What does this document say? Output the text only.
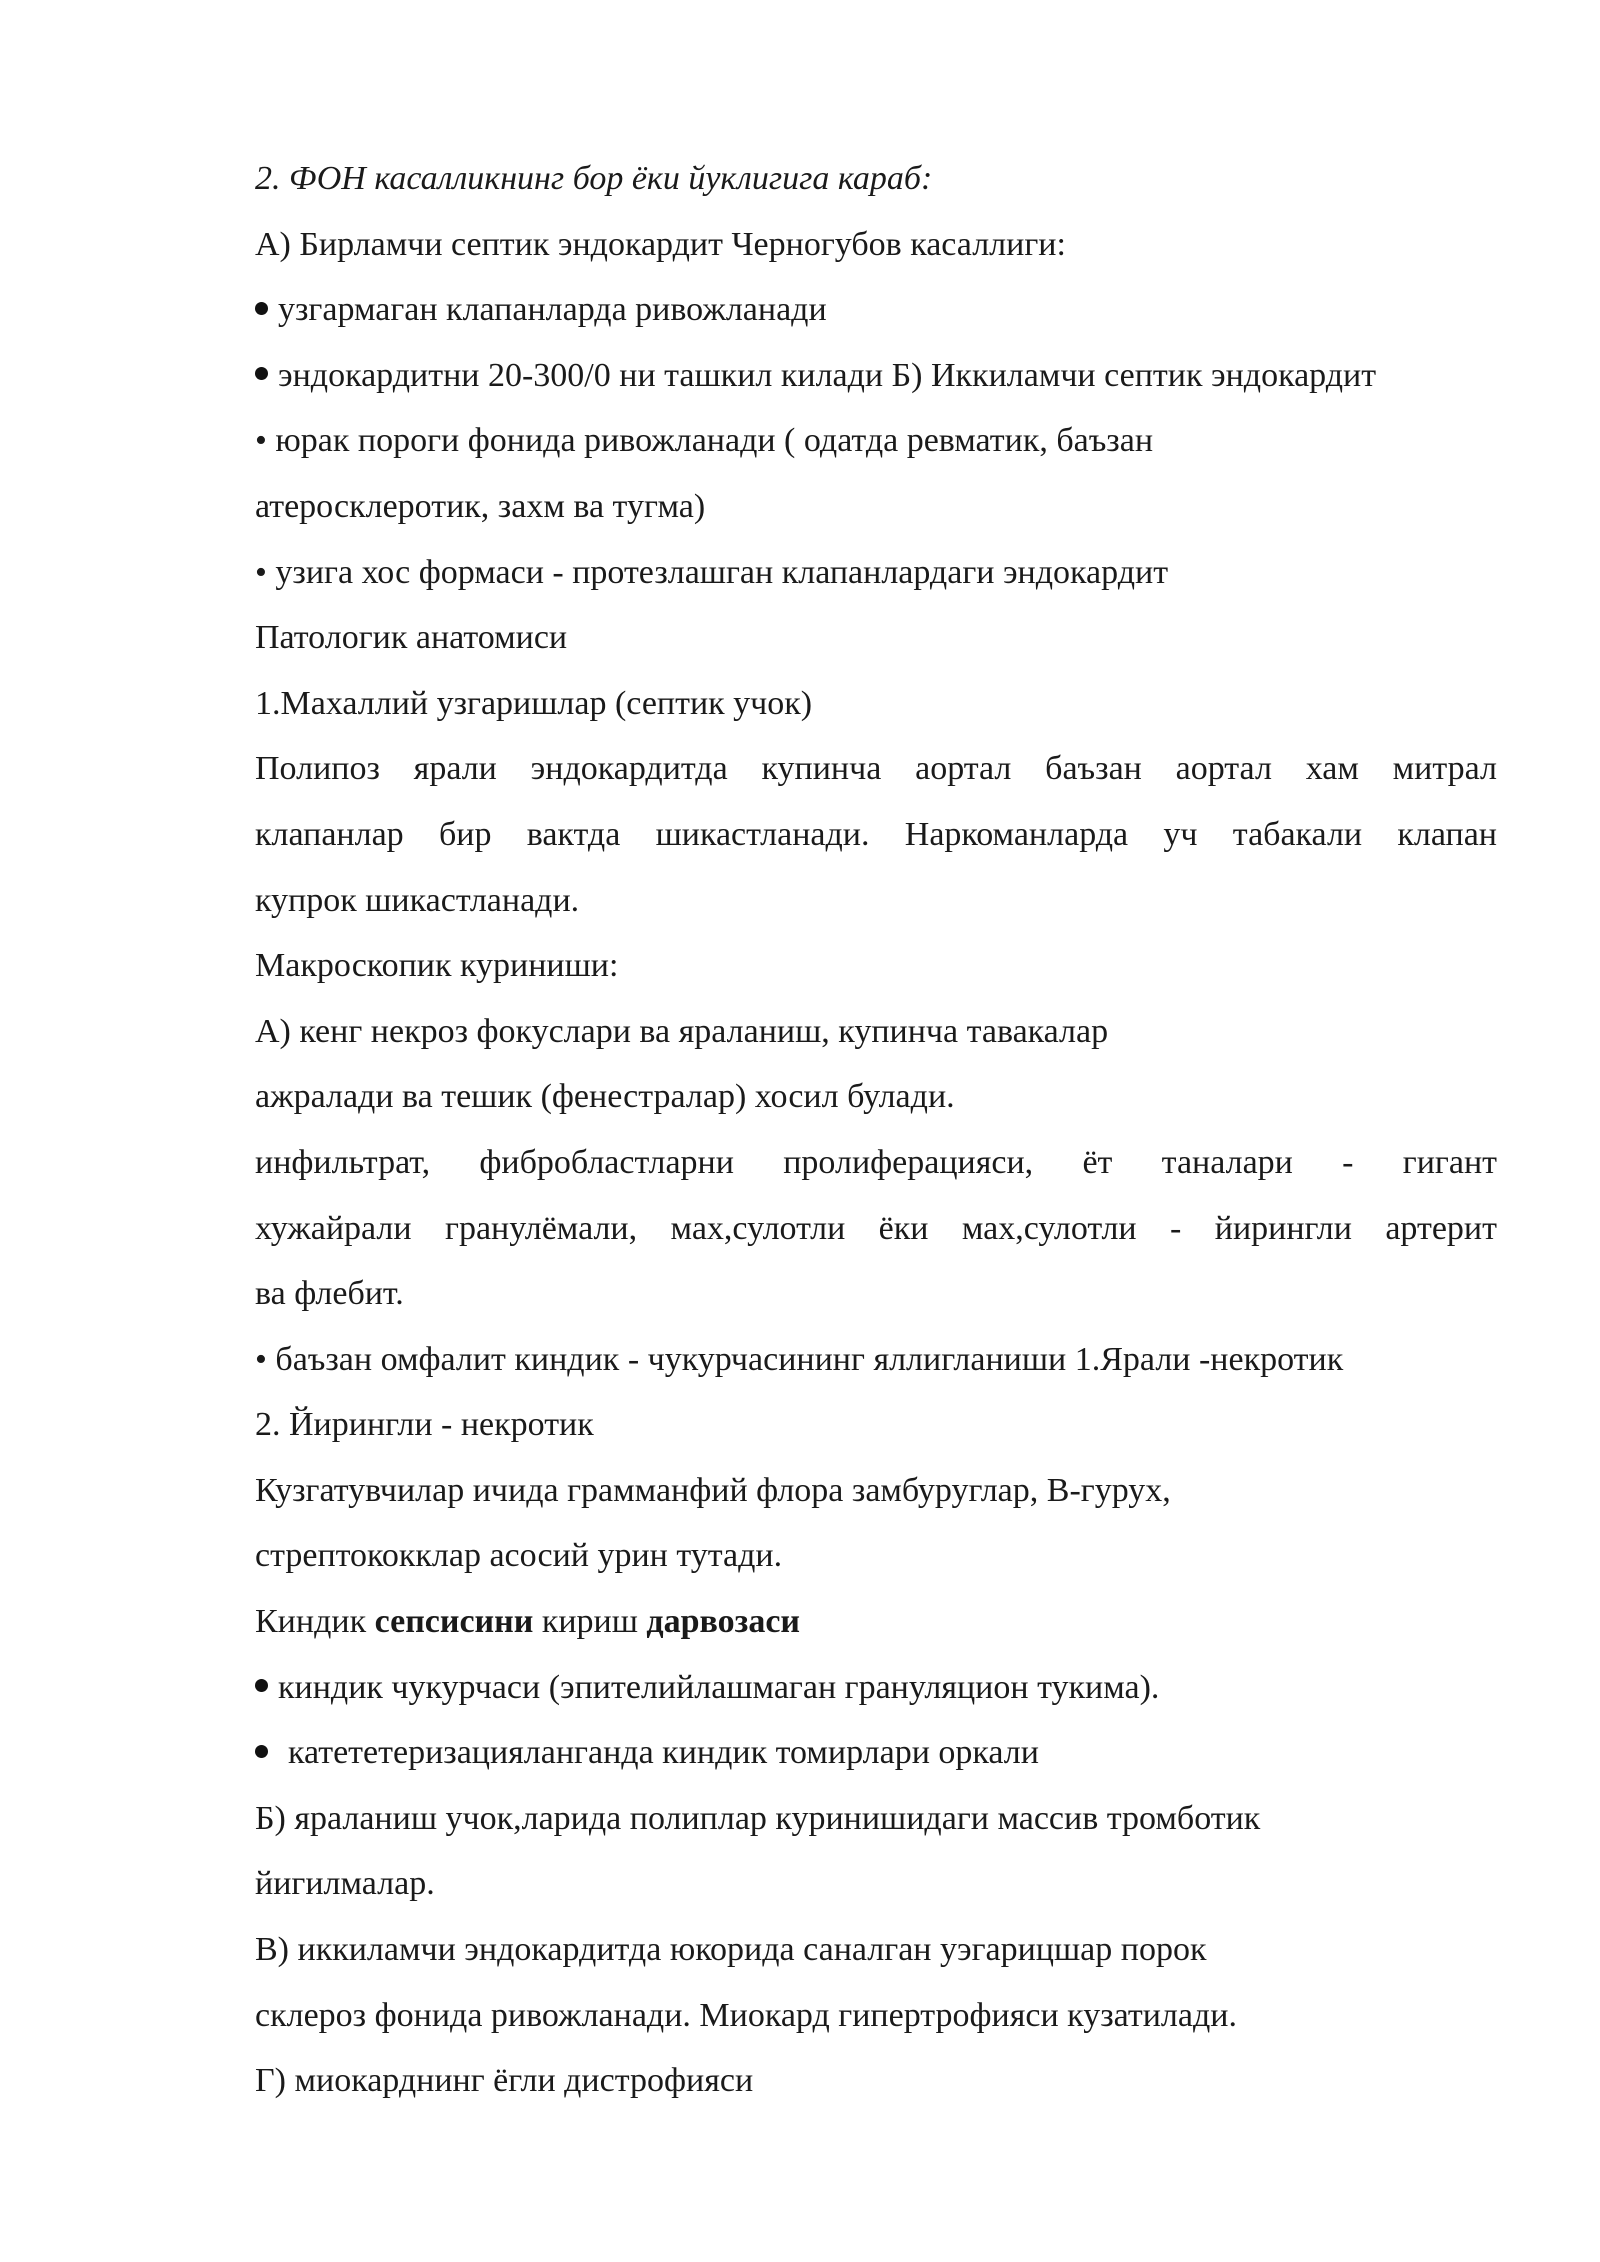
2. ФОН касалликнинг бор ёки йуклигига караб:
А) Бирламчи септик эндокардит Черногубов касаллиги:
узгармаган клапанларда ривожланади
эндокардитни 20-300/0 ни ташкил килади Б) Иккиламчи септик эндокардит
• юрак пороги фонида ривожланади ( одатда ревматик, баъзан
атеросклеротик, захм ва тугма)
• узига хос формаси - протезлашган клапанлардаги эндокардит
Патологик анатомиси
1.Махаллий узгаришлар (септик учок)
Полипоз ярали эндокардитда купинча аортал баъзан аортал хам митрал
клапанлар бир вактда шикастланади. Наркоманларда уч табакали клапан
купрок шикастланади.
Макроскопик куриниши:
А) кенг некроз фокуслари ва яраланиш, купинча тавакалар
ажралади ва тешик (фенестралар) хосил булади.
инфильтрат, фибробластларни пролиферацияси, ёт таналари - гигант
хужайрали гранулёмали, мах,сулотли ёки мах,сулотли - йирингли артерит
ва флебит.
• баъзан омфалит киндик - чукурчасининг яллигланиши 1.Ярали -некротик
2. Йирингли - некротик
Кузгатувчилар ичида грамманфий флора замбуруглар, В-гурух,
стрептококклар асосий урин тутади.
Киндик сепсисини кириш дарвозаси
киндик чукурчаси (эпителийлашмаган грануляцион тукима).
катететеризацияланганда киндик томирлари оркали
Б) яраланиш учок,ларида полиплар куринишидаги массив тромботик
йигилмалар.
В) иккиламчи эндокардитда юкорида саналган уэгарицшар порок
склероз фонида ривожланади. Миокард гипертрофияси кузатилади.
Г) миокарднинг ёгли дистрофияси
